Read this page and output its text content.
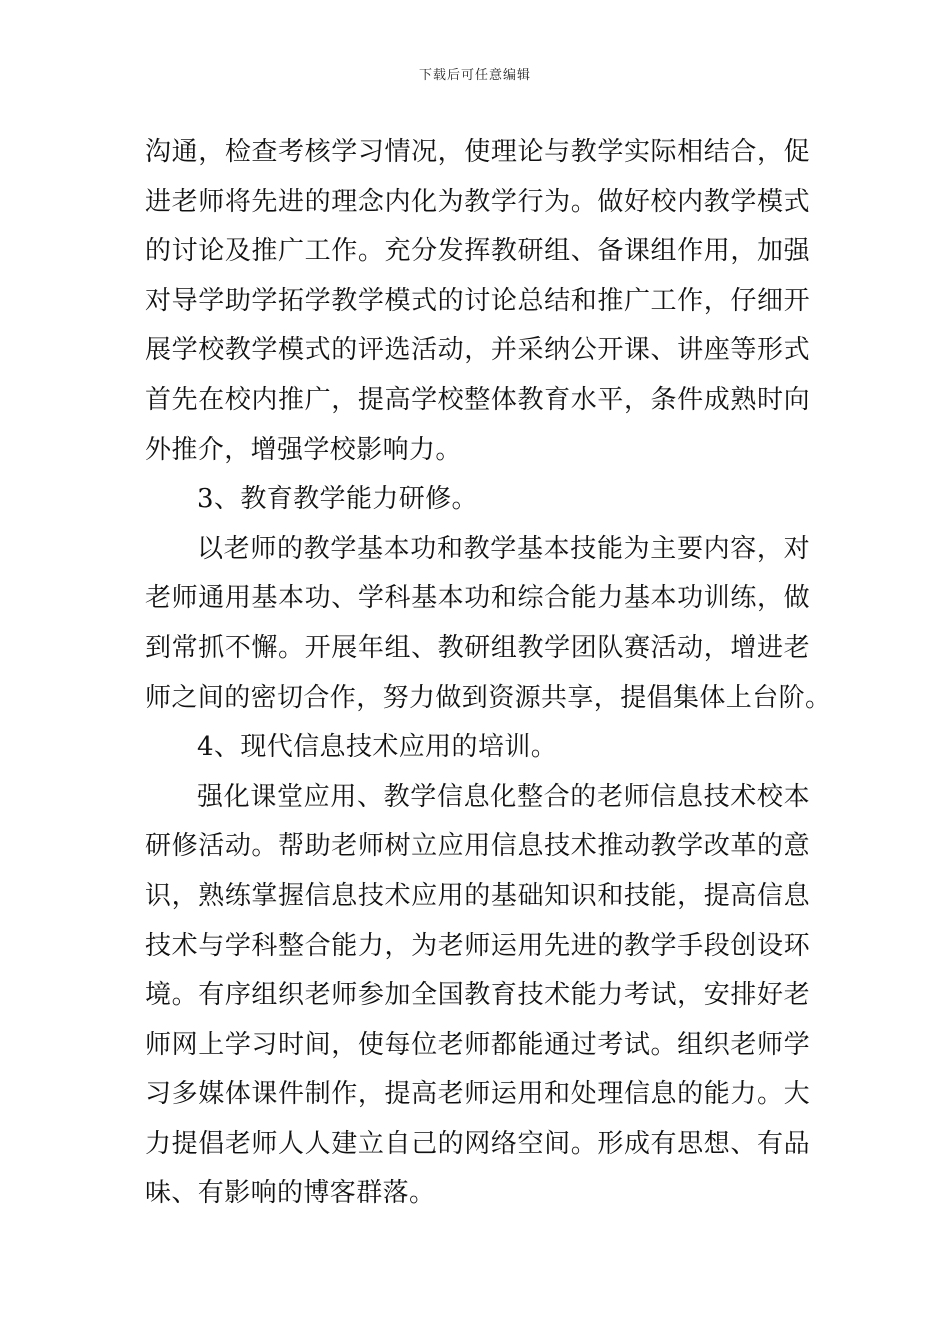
下载后可任意编辑
沟通，检查考核学习情况，使理论与教学实际相结合，促
进老师将先进的理念内化为教学行为。做好校内教学模式
的讨论及推广工作。充分发挥教研组、备课组作用，加强
对导学助学拓学教学模式的讨论总结和推广工作，仔细开
展学校教学模式的评选活动，并采纳公开课、讲座等形式
首先在校内推广，提高学校整体教育水平，条件成熟时向
外推介，增强学校影响力。
3、教育教学能力研修。
以老师的教学基本功和教学基本技能为主要内容，对
老师通用基本功、学科基本功和综合能力基本功训练，做
到常抓不懈。开展年组、教研组教学团队赛活动，增进老
师之间的密切合作，努力做到资源共享，提倡集体上台阶。
4、现代信息技术应用的培训。
强化课堂应用、教学信息化整合的老师信息技术校本
研修活动。帮助老师树立应用信息技术推动教学改革的意
识，熟练掌握信息技术应用的基础知识和技能，提高信息
技术与学科整合能力，为老师运用先进的教学手段创设环
境。有序组织老师参加全国教育技术能力考试，安排好老
师网上学习时间，使每位老师都能通过考试。组织老师学
习多媒体课件制作，提高老师运用和处理信息的能力。大
力提倡老师人人建立自己的网络空间。形成有思想、有品
味、有影响的博客群落。
